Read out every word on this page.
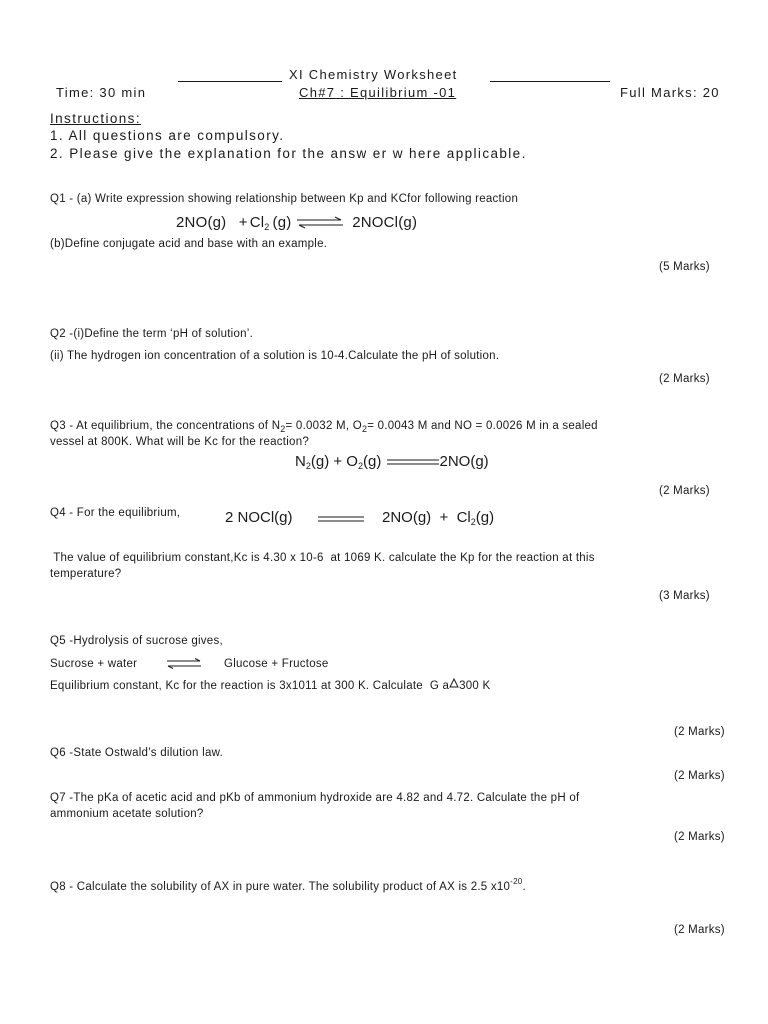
XI Chemistry Worksheet
Time: 30 min	Ch#7 : Equilibrium -01	Full Marks: 20
Instructions:
1. All questions are compulsory.
2. Please give the explanation for the answ er w here applicable.
Q1 - (a) Write expression showing relationship between Kp and KCfor following reaction
$2NO(g) + Cl_2$ (g) ⇌ 2NOCl(g)
(b)Define conjugate acid and base with an example.
(5 Marks)
Q2 -(i)Define the term ‘pH of solution’.
(ii) The hydrogen ion concentration of a solution is 10-4.Calculate the pH of solution.
(2 Marks)
Q3 - At equilibrium, the concentrations of $N_2= 0.0032$ M, $O_2= 0.0043$ M and NO = 0.0026 M in a sealed
vessel at 800K. What will be Kc for the reaction?
$N_2(g) + O_2(g)$	2NO(g)
(2 Marks)
Q4 - For the equilibrium,	2 NOCl(g)	$2NO(g) + Cl_2(g)$
The value of equilibrium constant,Kc is 4.30 x 10-6  at 1069 K. calculate the Kp for the reaction at this
temperature?
(3 Marks)
Q5 -Hydrolysis of sucrose gives,
Sucrose + water ⇌ Glucose + Fructose
Equilibrium constant, Kc for the reaction is 3x1011 at 300 K. Calculate  G a 300 K
(2 Marks)
Q6 -State Ostwald’s dilution law.
(2 Marks)
Q7 -The pKa of acetic acid and pKb of ammonium hydroxide are 4.82 and 4.72. Calculate the pH of
ammonium acetate solution?
(2 Marks)
Q8 - Calculate the solubility of AX in pure water. The solubility product of AX is 2.5 $x10^{-20}$.
(2 Marks)
